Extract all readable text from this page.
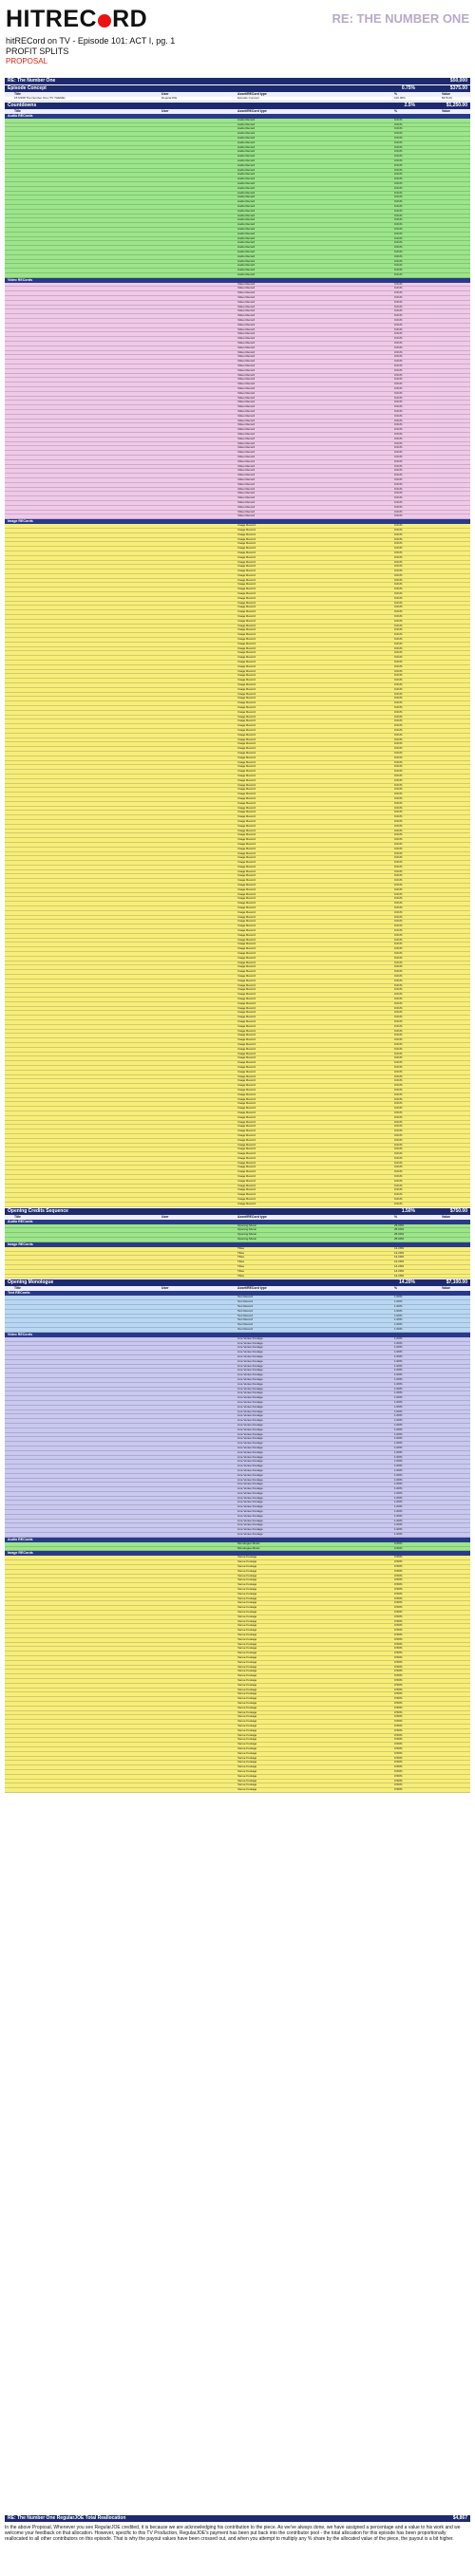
HITREC RD	RE: THE NUMBER ONE
hitRECord on TV - Episode 101: ACT I, pg. 1
PROFIT SPLITS
PROPOSAL
RE: The Number One	$50,000
Episode Concept	0.75%	$375.00
Title	User	Asset/RECord type	%	Value
1572268 The Number One (TV THEME)	RegularJOE	Episode Concept	100.00%	$375.00
Countdowns	2.5%	$1,250.00
Title	User	Asset/RECord type	%	Value
Audio RECords
Audio Record	0.01%
Audio Record	0.01%
Audio Record	0.01%
Audio Record	0.01%
Audio Record	0.01%
Audio Record	0.01%
Audio Record	0.01%
Audio Record	0.01%
Audio Record	0.01%
Audio Record	0.01%
Audio Record	0.01%
Audio Record	0.01%
Audio Record	0.01%
Audio Record	0.01%
Audio Record	0.01%
Audio Record	0.01%
Audio Record	0.01%
Audio Record	0.01%
Audio Record	0.01%
Audio Record	0.01%
Audio Record	0.01%
Audio Record	0.01%
Audio Record	0.01%
Audio Record	0.01%
Audio Record	0.01%
Audio Record	0.01%
Audio Record	0.01%
Audio Record	0.01%
Audio Record	0.01%
Audio Record	0.01%
Audio Record	0.01%
Audio Record	0.01%
Audio Record	0.01%
Audio Record	0.01%
Audio Record	0.01%
Video RECords
Video Record	0.01%
Video Record	0.01%
Video Record	0.01%
Video Record	0.01%
Video Record	0.01%
Video Record	0.01%
Video Record	0.01%
Video Record	0.01%
Video Record	0.01%
Video Record	0.01%
Video Record	0.01%
Video Record	0.01%
Video Record	0.01%
Video Record	0.01%
Video Record	0.01%
Video Record	0.01%
Video Record	0.01%
Video Record	0.01%
Video Record	0.01%
Video Record	0.01%
Video Record	0.01%
Video Record	0.01%
Video Record	0.01%
Video Record	0.01%
Video Record	0.01%
Video Record	0.01%
Video Record	0.01%
Video Record	0.01%
Video Record	0.01%
Video Record	0.01%
Video Record	0.01%
Video Record	0.01%
Video Record	0.01%
Video Record	0.01%
Video Record	0.01%
Video Record	0.01%
Video Record	0.01%
Video Record	0.01%
Video Record	0.01%
Video Record	0.01%
Video Record	0.01%
Video Record	0.01%
Video Record	0.01%
Video Record	0.01%
Video Record	0.01%
Video Record	0.01%
Video Record	0.01%
Video Record	0.01%
Video Record	0.01%
Video Record	0.01%
Video Record	0.01%
Video Record	0.01%
Image RECords
Image Record	0.01%
Image Record	0.01%
Image Record	0.01%
Image Record	0.01%
Image Record	0.01%
Image Record	0.01%
Image Record	0.01%
Image Record	0.01%
Image Record	0.01%
Image Record	0.01%
Image Record	0.01%
Image Record	0.01%
Image Record	0.01%
Image Record	0.01%
Image Record	0.01%
Image Record	0.01%
Image Record	0.01%
Image Record	0.01%
Image Record	0.01%
Image Record	0.01%
Image Record	0.01%
Image Record	0.01%
Image Record	0.01%
Image Record	0.01%
Image Record	0.01%
Image Record	0.01%
Image Record	0.01%
Image Record	0.01%
Image Record	0.01%
Image Record	0.01%
Image Record	0.01%
Image Record	0.01%
Image Record	0.01%
Image Record	0.01%
Image Record	0.01%
Image Record	0.01%
Image Record	0.01%
Image Record	0.01%
Image Record	0.01%
Image Record	0.01%
Image Record	0.01%
Image Record	0.01%
Image Record	0.01%
Image Record	0.01%
Image Record	0.01%
Image Record	0.01%
Image Record	0.01%
Image Record	0.01%
Image Record	0.01%
Image Record	0.01%
Image Record	0.01%
Image Record	0.01%
Image Record	0.01%
Image Record	0.01%
Image Record	0.01%
Image Record	0.01%
Image Record	0.01%
Image Record	0.01%
Image Record	0.01%
Image Record	0.01%
Image Record	0.01%
Image Record	0.01%
Image Record	0.01%
Image Record	0.01%
Image Record	0.01%
Image Record	0.01%
Image Record	0.01%
Image Record	0.01%
Image Record	0.01%
Image Record	0.01%
Image Record	0.01%
Image Record	0.01%
Image Record	0.01%
Image Record	0.01%
Image Record	0.01%
Image Record	0.01%
Image Record	0.01%
Image Record	0.01%
Image Record	0.01%
Image Record	0.01%
Image Record	0.01%
Image Record	0.01%
Image Record	0.01%
Image Record	0.01%
Image Record	0.01%
Image Record	0.01%
Image Record	0.01%
Image Record	0.01%
Image Record	0.01%
Image Record	0.01%
Image Record	0.01%
Image Record	0.01%
Image Record	0.01%
Image Record	0.01%
Image Record	0.01%
Image Record	0.01%
Image Record	0.01%
Image Record	0.01%
Image Record	0.01%
Image Record	0.01%
Image Record	0.01%
Image Record	0.01%
Image Record	0.01%
Image Record	0.01%
Image Record	0.01%
Image Record	0.01%
Image Record	0.01%
Image Record	0.01%
Image Record	0.01%
Image Record	0.01%
Image Record	0.01%
Image Record	0.01%
Image Record	0.01%
Image Record	0.01%
Image Record	0.01%
Image Record	0.01%
Image Record	0.01%
Image Record	0.01%
Image Record	0.01%
Image Record	0.01%
Image Record	0.01%
Image Record	0.01%
Image Record	0.01%
Image Record	0.01%
Image Record	0.01%
Image Record	0.01%
Image Record	0.01%
Image Record	0.01%
Image Record	0.01%
Image Record	0.01%
Image Record	0.01%
Image Record	0.01%
Image Record	0.01%
Image Record	0.01%
Image Record	0.01%
Image Record	0.01%
Image Record	0.01%
Image Record	0.01%
Image Record	0.01%
Image Record	0.01%
Image Record	0.01%
Image Record	0.01%
Image Record	0.01%
Image Record	0.01%
Image Record	0.01%
Image Record	0.01%
Image Record	0.01%
Image Record	0.01%
Image Record	0.01%
Image Record	0.01%
Opening Credits Sequence	1.50%	$750.00
Title	User	Asset/RECord type	%	Value
Audio RECords
Opening Music	25.00%
Opening Music	25.00%
Opening Music	25.00%
Opening Music	25.00%
Image RECords
Titles	14.29%
Titles	14.29%
Titles	14.29%
Titles	14.29%
Titles	14.29%
Titles	14.29%
Titles	14.29%
Opening Monologue	14.20%	$7,100.00
Title	User	Asset/RECord type	%	Value
Text RECords
Text Record	1.00%
Text Record	1.00%
Text Record	1.00%
Text Record	1.00%
Text Record	1.00%
Text Record	1.00%
Text Record	1.00%
Text Record	1.00%
Video RECords
Live Venue Footage	1.00%
Live Venue Footage	1.00%
Live Venue Footage	1.00%
Live Venue Footage	1.00%
Live Venue Footage	1.00%
Live Venue Footage	1.00%
Live Venue Footage	1.00%
Live Venue Footage	1.00%
Live Venue Footage	1.00%
Live Venue Footage	1.00%
Live Venue Footage	1.00%
Live Venue Footage	1.00%
Live Venue Footage	1.00%
Live Venue Footage	1.00%
Live Venue Footage	1.00%
Live Venue Footage	1.00%
Live Venue Footage	1.00%
Live Venue Footage	1.00%
Live Venue Footage	1.00%
Live Venue Footage	1.00%
Live Venue Footage	1.00%
Live Venue Footage	1.00%
Live Venue Footage	1.00%
Live Venue Footage	1.00%
Live Venue Footage	1.00%
Live Venue Footage	1.00%
Live Venue Footage	1.00%
Live Venue Footage	1.00%
Live Venue Footage	1.00%
Live Venue Footage	1.00%
Live Venue Footage	1.00%
Live Venue Footage	1.00%
Live Venue Footage	1.00%
Live Venue Footage	1.00%
Live Venue Footage	1.00%
Live Venue Footage	1.00%
Live Venue Footage	1.00%
Live Venue Footage	1.00%
Live Venue Footage	1.00%
Live Venue Footage	1.00%
Live Venue Footage	1.00%
Live Venue Footage	1.00%
Live Venue Footage	1.00%
Live Venue Footage	1.00%
Audio RECords
Monologue Music	2.00%
Monologue Music	2.00%
Image RECords
Venue Footage	0.50%
Venue Footage	0.50%
Venue Footage	0.50%
Venue Footage	0.50%
Venue Footage	0.50%
Venue Footage	0.50%
Venue Footage	0.50%
Venue Footage	0.50%
Venue Footage	0.50%
Venue Footage	0.50%
Venue Footage	0.50%
Venue Footage	0.50%
Venue Footage	0.50%
Venue Footage	0.50%
Venue Footage	0.50%
Venue Footage	0.50%
Venue Footage	0.50%
Venue Footage	0.50%
Venue Footage	0.50%
Venue Footage	0.50%
Venue Footage	0.50%
Venue Footage	0.50%
Venue Footage	0.50%
Venue Footage	0.50%
Venue Footage	0.50%
Venue Footage	0.50%
Venue Footage	0.50%
Venue Footage	0.50%
Venue Footage	0.50%
Venue Footage	0.50%
Venue Footage	0.50%
Venue Footage	0.50%
Venue Footage	0.50%
Venue Footage	0.50%
Venue Footage	0.50%
Venue Footage	0.50%
Venue Footage	0.50%
Venue Footage	0.50%
Venue Footage	0.50%
Venue Footage	0.50%
Venue Footage	0.50%
Venue Footage	0.50%
Venue Footage	0.50%
Venue Footage	0.50%
Venue Footage	0.50%
Venue Footage	0.50%
Venue Footage	0.50%
Venue Footage	0.50%
Venue Footage	0.50%
Venue Footage	0.50%
Venue Footage	0.50%
Venue Footage	0.50%
RE: The Number One RegularJOE Total Reallocation	$4,867
In the above Proposal, Whenever you see RegularJOE credited, it is because we are acknowledging his contribution to the piece. As we've always done, we have assigned a percentage and a value to his work and we welcome your feedback on that allocation. However, specific to this TV Production, RegularJOE's payment has been put back into the contributor pool - the total allocation for this episode has been proportionally reallocated to all other contributors on this episode. That is why the payout values have been crossed out, and when you attempt to multiply any % share by the allocated value of the piece, the payout is a bit higher.
